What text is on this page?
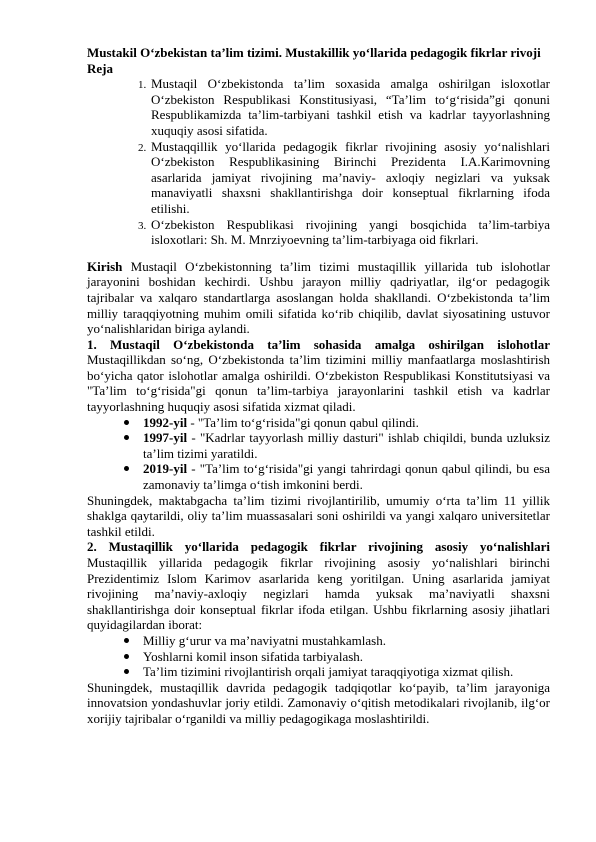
Mustakil O‘zbekistan ta’lim tizimi. Mustakillik yo‘llarida pedagogik fikrlar rivoji

Reja

1. Mustaqil O‘zbekistonda ta’lim soxasida amalga oshirilgan isloxotlar O‘zbekiston Respublikasi Konstitusiyasi, “Ta’lim to‘g‘risida”gi qonuni Respublikamizda ta’lim-tarbiyani tashkil etish va kadrlar tayyorlashning xuquqiy asosi sifatida.
2. Mustaqqillik yo‘llarida pedagogik fikrlar rivojining asosiy yo‘nalishlari O‘zbekiston Respublikasining Birinchi Prezidenta I.A.Karimovning asarlarida jamiyat rivojining ma’naviy- axloqiy negizlari va yuksak manaviyatli shaxsni shakllantirishga doir konseptual fikrlarning ifoda etilishi.
3. O‘zbekiston Respublikasi rivojining yangi bosqichida ta’lim-tarbiya isloxotlari: Sh. M. Mnrziyoevning ta’lim-tarbiyaga oid fikrlari.

Kirish Mustaqil O‘zbekistonning ta’lim tizimi mustaqillik yillarida tub islohotlar jarayonini boshidan kechirdi. Ushbu jarayon milliy qadriyatlar, ilg‘or pedagogik tajribalar va xalqaro standartlarga asoslangan holda shakllandi. O‘zbekistonda ta’lim milliy taraqqiyotning muhim omili sifatida ko‘rib chiqilib, davlat siyosatining ustuvor yo‘nalishlaridan biriga aylandi.

1. Mustaqil O‘zbekistonda ta’lim sohasida amalga oshirilgan islohotlar

Mustaqillikdan so‘ng, O‘zbekistonda ta’lim tizimini milliy manfaatlarga moslashtirish bo‘yicha qator islohotlar amalga oshirildi. O‘zbekiston Respublikasi Konstitutsiyasi va "Ta’lim to‘g‘risida"gi qonun ta’lim-tarbiya jarayonlarini tashkil etish va kadrlar tayyorlashning huquqiy asosi sifatida xizmat qiladi.

1992-yil - "Ta’lim to‘g‘risida"gi qonun qabul qilindi.
1997-yil - "Kadrlar tayyorlash milliy dasturi" ishlab chiqildi, bunda uzluksiz ta’lim tizimi yaratildi.
2019-yil - "Ta’lim to‘g‘risida"gi yangi tahrirdagi qonun qabul qilindi, bu esa zamonaviy ta’limga o‘tish imkonini berdi.

Shuningdek, maktabgacha ta’lim tizimi rivojlantirilib, umumiy o‘rta ta’lim 11 yillik shaklga qaytarildi, oliy ta’lim muassasalari soni oshirildi va yangi xalqaro universitetlar tashkil etildi.

2. Mustaqillik yo‘llarida pedagogik fikrlar rivojining asosiy yo‘nalishlari

Mustaqillik yillarida pedagogik fikrlar rivojining asosiy yo‘nalishlari birinchi Prezidentimiz Islom Karimov asarlarida keng yoritilgan. Uning asarlarida jamiyat rivojining ma’naviy-axloqiy negizlari hamda yuksak ma’naviyatli shaxsni shakllantirishga doir konseptual fikrlar ifoda etilgan. Ushbu fikrlarning asosiy jihatlari quyidagilardan iborat:

Milliy g‘urur va ma’naviyatni mustahkamlash.
Yoshlarni komil inson sifatida tarbiyalash.
Ta’lim tizimini rivojlantirish orqali jamiyat taraqqiyotiga xizmat qilish.

Shuningdek, mustaqillik davrida pedagogik tadqiqotlar ko‘payib, ta’lim jarayoniga innovatsion yondashuvlar joriy etildi. Zamonaviy o‘qitish metodikalari rivojlanib, ilg‘or xorijiy tajribalar o‘rganildi va milliy pedagogikaga moslashtirildi.
